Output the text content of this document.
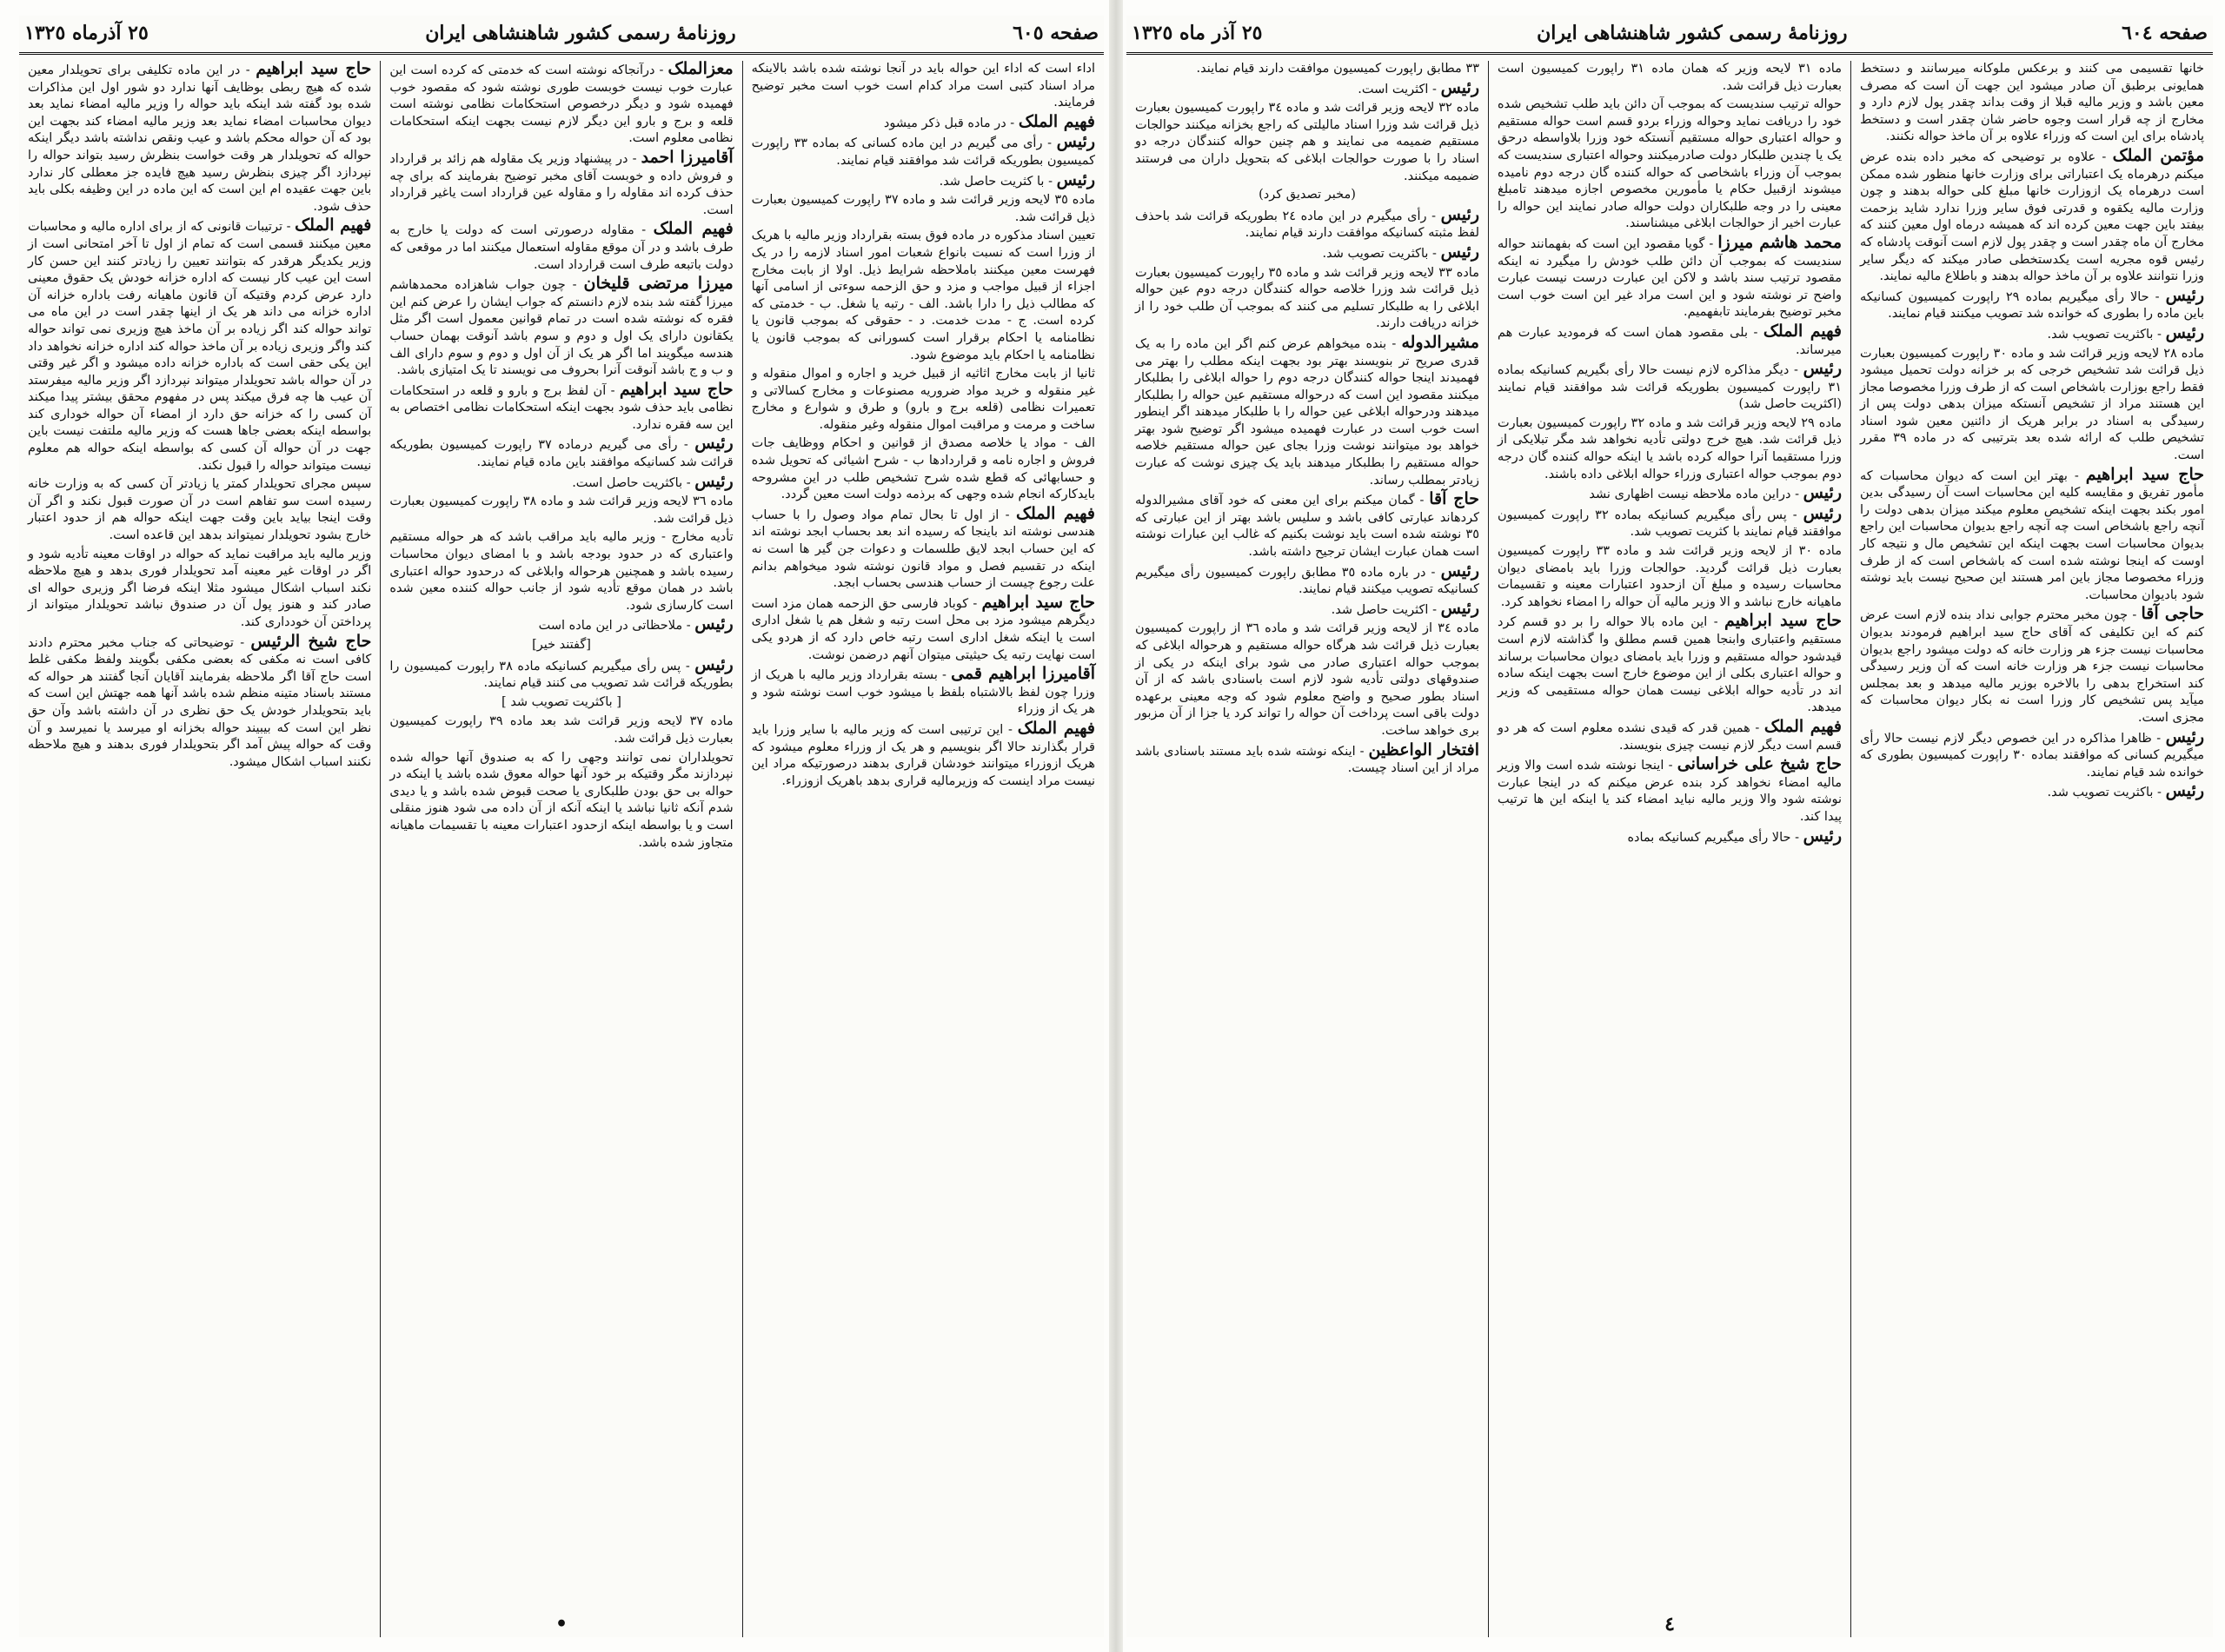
صفحه ٦٠٥
روزنامهٔ رسمی کشور شاهنشاهی ایران
٢٥ آذرماه ١٣٢٥
اداء است که اداء این حواله باید در آنجا نوشته شده باشد بالاینکه مراد اسناد کتبی است مراد کدام است خوب است مخبر توضیح فرمایند.
فهیم الملک - در ماده قبل ذکر میشود
رئیس - رأی می گیریم در این ماده کسانی که بماده ٣٣ راپورت کمیسیون بطوریکه قرائت شد موافقند قیام نمایند.
رئیس - با کثریت حاصل شد.
ماده ٣٥ لایحه وزیر قرائت شد و ماده ٣٧ راپورت کمیسیون بعبارت ذیل قرائت شد.
تعیین اسناد مذکوره در ماده فوق بسته بقرارداد وزیر مالیه با هریک از وزرا است که نسبت بانواع شعبات امور اسناد لازمه را در یک فهرست معین میکنند باملاحظه شرایط ذیل. اولا از بابت مخارج اجزاء از قبیل مواجب و مزد و حق الزحمه سوءتی از اسامی آنها که مطالب ذیل را دارا باشد. الف - رتبه یا شغل. ب - خدمتی که کرده است. ج - مدت خدمت. د - حقوقی که بموجب قانون یا نظامنامه یا احکام برقرار است کسورانی که بموجب قانون یا نظامنامه یا احکام باید موضوع شود.
ثانیا از بابت مخارج اثاثیه از قبیل خرید و اجاره و اموال منقوله و غیر منقوله و خرید مواد ضروریه مصنوعات و مخارج کسالاتی و تعمیرات نظامی (قلعه برج و بارو) و طرق و شوارع و مخارج ساخت و مرمت و مراقبت اموال منقوله وغیر منقوله.
الف - مواد یا خلاصه مصدق از قوانین و احکام ووظایف جات فروش و اجاره نامه و قراردادها ب - شرح اشیائی که تحویل شده و حسابهائی که قطع شده شرح تشخیص طلب در این مشروحه بایدکارکه انجام شده وجهی که برذمه دولت است معین گردد.
فهیم الملک - از اول تا بحال تمام مواد وصول را با حساب هندسی نوشته اند باینجا که رسیده اند بعد بحساب ابجد نوشته اند که این حساب ابجد لایق طلسمات و دعوات جن گیر ها است نه اینکه در تقسیم فصل و مواد قانون نوشته شود میخواهم بدانم علت رجوع چیست از حساب هندسی بحساب ابجد.
حاج سید ابراهیم - کوباد فارسی حق الزحمه همان مزد است دیگرهم میشود مزد بی محل است رتبه و شغل هم یا شغل اداری است یا اینکه شغل اداری است رتبه خاص دارد که از هردو یکی است نهایت رتبه یک حیثیتی میتوان آنهم درضمن نوشت.
آقامیرزا ابراهیم قمی - بسته بقرارداد وزیر مالیه با هریک از وزرا چون لفظ بالاشتباه بلفظ با میشود خوب است نوشته شود و هر یک از وزراء
فهیم الملک - این ترتیبی است که وزیر مالیه با سایر وزرا باید قرار بگذارند حالا اگر بنویسیم و هر یک از وزراء معلوم میشود که هریک ازوزراء میتوانند خودشان قراری بدهند درصورتیکه مراد این نیست مراد اینست که وزیرمالیه قراری بدهد باهریک ازوزراء.
معزالملک - درآنجاکه نوشته است که خدمتی که کرده است این عبارت خوب نیست خوبست طوری نوشته شود که مقصود خوب فهمیده شود و دیگر درخصوص استحکامات نظامی نوشته است قلعه و برج و بارو این دیگر لازم نیست بجهت اینکه استحکامات نظامی معلوم است.
آقامیرزا احمد - در پیشنهاد وزیر یک مقاوله هم زائد بر قرارداد و فروش داده و خوبست آقای مخبر توضیح بفرمایند که برای چه حذف کرده اند مقاوله را و مقاوله عین قرارداد است یاغیر قرارداد است.
فهیم الملک - مقاوله درصورتی است که دولت یا خارج به طرف باشد و در آن موقع مقاوله استعمال میکنند اما در موقعی که دولت باتبعه طرف است قرارداد است.
میرزا مرتضی قلیخان - چون جواب شاهزاده محمدهاشم میرزا گفته شد بنده لازم دانستم که جواب ایشان را عرض کنم این فقره که نوشته شده است در تمام قوانین معمول است اگر مثل یکقانون دارای یک اول و دوم و سوم باشد آنوقت بهمان حساب هندسه میگویند اما اگر هر یک از آن اول و دوم و سوم دارای الف و ب و ج باشد آنوقت آنرا بحروف می نویسند تا یک امتیازی باشد.
حاج سید ابراهیم - آن لفظ برج و بارو و قلعه در استحکامات نظامی باید حذف شود بجهت اینکه استحکامات نظامی اختصاص به این سه فقره ندارد.
رئیس - رأی می گیریم درماده ٣٧ راپورت کمیسیون بطوریکه قرائت شد کسانیکه موافقند باین ماده قیام نمایند.
رئیس - باکثریت حاصل است.
ماده ٣٦ لایحه وزیر قرائت شد و ماده ٣٨ راپورت کمیسیون بعبارت ذیل قرائت شد.
تأدیه مخارج - وزیر مالیه باید مراقب باشد که هر حواله مستقیم واعتباری که در حدود بودجه باشد و با امضای دیوان محاسبات رسیده باشد و همچنین هرحواله وابلاغی که درحدود حواله اعتباری باشد در همان موقع تأدیه شود از جانب حواله کننده معین شده است کارسازی شود.
رئیس - ملاحظاتی در این ماده است
[گفتند خیر]
رئیس - پس رأی میگیریم کسانیکه ماده ٣٨ راپورت کمیسیون را بطوریکه قرائت شد تصویب می کنند قیام نمایند.
[ باکثریت تصویب شد ]
ماده ٣٧ لایحه وزیر قرائت شد بعد ماده ٣٩ راپورت کمیسیون بعبارت ذیل قرائت شد.
تحویلداران نمی توانند وجهی را که به صندوق آنها حواله شده نپردازند مگر وقتیکه بر خود آنها حواله معوق شده باشد یا اینکه در حواله بی حق بودن طلبکاری یا صحت قبوض شده باشد و یا دیدی شدم آنکه ثانیا نباشد یا اینکه آنکه از آن داده می شود هنوز منقلی است و یا بواسطه اینکه ازحدود اعتبارات معینه با تقسیمات ماهیانه متجاوز شده باشد.
حاج سید ابراهیم - در این ماده تکلیفی برای تحویلدار معین شده که هیچ ربطی بوظایف آنها ندارد دو شور اول این مذاکرات شده بود گفته شد اینکه باید حواله را وزیر مالیه امضاء نماید بعد دیوان محاسبات امضاء نماید بعد وزیر مالیه امضاء کند بجهت این بود که آن حواله محکم باشد و عیب ونقص نداشته باشد دیگر اینکه حواله که تحویلدار هر وقت خواست بنظرش رسید بتواند حواله را نپردازد اگر چیزی بنظرش رسید هیچ فایده جز معطلی کار ندارد باین جهت عقیده ام این است که این ماده در این وظیفه بکلی باید حذف شود.
فهیم الملک - ترتیبات قانونی که از برای اداره مالیه و محاسبات معین میکنند قسمی است که تمام از اول تا آخر امتحانی است از وزیر یکدیگر هرقدر که بتوانند تعیین را زیادتر کنند این حسن کار است این عیب کار نیست که اداره خزانه خودش یک حقوق معینی دارد عرض کردم وقتیکه آن قانون ماهیانه رفت باداره خزانه آن اداره خزانه می داند هر یک از اینها چقدر است در این ماه می تواند حواله کند اگر زیاده بر آن ماخذ هیچ وزیری نمی تواند حواله کند واگر وزیری زیاده بر آن ماخذ حواله کند اداره خزانه نخواهد داد این یکی حقی است که باداره خزانه داده میشود و اگر غیر وقتی در آن حواله باشد تحویلدار میتواند نپردازد اگر وزیر مالیه میفرستد آن عیب ها چه فرق میکند پس در مفهوم محقق بیشتر پیدا میکند آن کسی را که خزانه حق دارد از امضاء آن حواله خوداری کند بواسطه اینکه بعضی جاها هست که وزیر مالیه ملتفت نیست باین جهت در آن حواله آن کسی که بواسطه اینکه حواله هم معلوم نیست میتواند حواله را قبول نکند.
سپس مجرای تحویلدار کمتر یا زیادتر آن کسی که به وزارت خانه رسیده است سو تفاهم است در آن صورت قبول نکند و اگر آن وقت اینجا بیاید باین وقت جهت اینکه حواله هم از حدود اعتبار خارج بشود تحویلدار نمیتواند بدهد این قاعده است.
وزیر مالیه باید مراقبت نماید که حواله در اوقات معینه تأدیه شود و اگر در اوقات غیر معینه آمد تحویلدار فوری بدهد و هیچ ملاحظه نکند اسباب اشکال میشود مثلا اینکه فرضا اگر وزیری حواله ای صادر کند و هنوز پول آن در صندوق نباشد تحویلدار میتواند از پرداختن آن خودداری کند.
حاج شیخ الرئیس - توضیحاتی که جناب مخبر محترم دادند کافی است نه مکفی که بعضی مکفی بگویند ولفظ مکفی غلط است حاج آقا اگر ملاحظه بفرمایند آقایان آنجا گفتند هر حواله که مستند باسناد متینه منظم شده باشد آنها همه جهتش این است که باید بتحویلدار خودش یک حق نظری در آن داشته باشد وآن حق نظر این است که بیبیند حواله بخزانه او میرسد یا نمیرسد و آن وقت که حواله پیش آمد اگر بتحویلدار فوری بدهند و هیچ ملاحظه نکنند اسباب اشکال میشود.
•
صفحه ٦٠٤
روزنامهٔ رسمی کشور شاهنشاهی ایران
٢٥ آذر ماه ١٣٢٥
خانها تقسیمی می کنند و برعکس ملوکانه میرسانند و دستخط همایونی برطبق آن صادر میشود این جهت آن است که مصرف معین باشد و وزیر مالیه قبلا از وقت بداند چقدر پول لازم دارد و مخارج از چه قرار است وجوه حاضر شان چقدر است و دستخط پادشاه برای این است که وزراء علاوه بر آن ماخذ حواله نکنند.
مؤتمن الملک - علاوه بر توضیحی که مخبر داده بنده عرض میکنم درهرماه یک اعتباراتی برای وزارت خانها منظور شده ممکن است درهرماه یک ازوزارت خانها مبلغ کلی حواله بدهند و چون وزارت مالیه یکقوه و قدرتی فوق سایر وزرا ندارد شاید بزحمت بیفتد باین جهت معین کرده اند که همیشه درماه اول معین کنند که مخارج آن ماه چقدر است و چقدر پول لازم است آنوقت پادشاه که رئیس قوه مجریه است یکدستخطی صادر میکند که دیگر سایر وزرا نتوانند علاوه بر آن ماخذ حواله بدهند و باطلاع مالیه نمایند.
رئیس - حالا رأی میگیریم بماده ٢٩ راپورت کمیسیون کسانیکه باین ماده را بطوری که خوانده شد تصویب میکنند قیام نمایند.
رئیس - باکثریت تصویب شد.
ماده ٢٨ لایحه وزیر قرائت شد و ماده ٣٠ راپورت کمیسیون بعبارت ذیل قرائت شد تشخیص خرجی که بر خزانه دولت تحمیل میشود فقط راجع بوزارت باشخاص است که از طرف وزرا مخصوصا مجاز این هستند مراد از تشخیص آنستکه میزان بدهی دولت پس از رسیدگی به اسناد در برابر هریک از دائنین معین شود اسناد تشخیص طلب که ارائه شده بعد بترتیبی که در ماده ٣٩ مقرر است.
حاج سید ابراهیم - بهتر این است که دیوان محاسبات که مأمور تفریق و مقایسه کلیه این محاسبات است آن رسیدگی بدین امور بکند بجهت اینکه تشخیص معلوم میکند میزان بدهی دولت را آنچه راجع باشخاص است چه آنچه راجع بدیوان محاسبات این راجع بدیوان محاسبات است بجهت اینکه این تشخیص مال و نتیجه کار اوست که اینجا نوشته شده است که باشخاص است که از طرف وزراء مخصوصا مجاز باین امر هستند این صحیح نیست باید نوشته شود بادیوان محاسبات.
حاجی آقا - چون مخبر محترم جوابی نداد بنده لازم است عرض کنم که این تکلیفی که آقای حاج سید ابراهیم فرمودند بدیوان محاسبات نیست جزء هر وزارت خانه که دولت میشود راجع بدیوان محاسبات نیست جزء هر وزارت خانه است که آن وزیر رسیدگی کند استخراج بدهی را بالاخره بوزیر مالیه میدهد و بعد بمجلس میآید پس تشخیص کار وزرا است نه بکار دیوان محاسبات که مجزی است.
رئیس - ظاهرا مذاکره در این خصوص دیگر لازم نیست حالا رأی میگیریم کسانی که موافقند بماده ٣٠ راپورت کمیسیون بطوری که خوانده شد قیام نمایند.
رئیس - باکثریت تصویب شد.
ماده ٣١ لایحه وزیر که همان ماده ٣١ راپورت کمیسیون است بعبارت ذیل قرائت شد.
حواله ترتیب سندیست که بموجب آن دائن باید طلب تشخیص شده خود را دریافت نماید وحواله وزراء بردو قسم است حواله مستقیم و حواله اعتباری حواله مستقیم آنستکه خود وزرا بلاواسطه درحق یک یا چندین طلبکار دولت صادرمیکنند وحواله اعتباری سندیست که بموجب آن وزراء باشخاصی که حواله کننده گان درجه دوم نامیده میشوند ازقبیل حکام یا مأمورین مخصوص اجازه میدهند تامبلغ معینی را در وجه طلبکاران دولت حواله صادر نمایند این حواله را عبارت اخیر از حوالجات ابلاغی میشناسند.
محمد هاشم میرزا - گویا مقصود این است که بفهمانند حواله سندیست که بموجب آن دائن طلب خودش را میگیرد نه اینکه مقصود ترتیب سند باشد و لاکن این عبارت درست نیست عبارت واضح تر نوشته شود و این است مراد غیر این است خوب است مخبر توضیح بفرمایند تابفهمیم.
فهیم الملک - بلی مقصود همان است که فرمودید عبارت هم میرساند.
رئیس - دیگر مذاکره لازم نیست حالا رأی بگیریم کسانیکه بماده ٣١ راپورت کمیسیون بطوریکه قرائت شد موافقند قیام نمایند (اکثریت حاصل شد)
ماده ٢٩ لایحه وزیر قرائت شد و ماده ٣٢ راپورت کمیسیون بعبارت ذیل قرائت شد. هیچ خرج دولتی تأدیه نخواهد شد مگر تبلایکی از وزرا مستقیما آنرا حواله کرده باشد یا اینکه حواله کننده گان درجه دوم بموجب حواله اعتباری وزراء حواله ابلاغی داده باشند.
رئیس - دراین ماده ملاحظه نیست اظهاری نشد
رئیس - پس رأی میگیریم کسانیکه بماده ٣٢ راپورت کمیسیون موافقند قیام نمایند با کثریت تصویب شد.
ماده ٣٠ از لایحه وزیر قرائت شد و ماده ٣٣ راپورت کمیسیون بعبارت ذیل قرائت گردید. حوالجات وزرا باید بامضای دیوان محاسبات رسیده و مبلغ آن ازحدود اعتبارات معینه و تقسیمات ماهیانه خارج نباشد و الا وزیر مالیه آن حواله را امضاء نخواهد کرد.
حاج سید ابراهیم - این ماده بالا حواله را بر دو قسم کرد مستقیم واعتباری وابنجا همین قسم مطلق وا گذاشته لازم است قیدشود حواله مستقیم و وزرا باید بامضای دیوان محاسبات برساند و حواله اعتباری بکلی از این موضوع خارج است بجهت اینکه ساده اند در تأدیه حواله ابلاغی نیست همان حواله مستقیمی که وزیر میدهد.
فهیم الملک - همین قدر که قیدی نشده معلوم است که هر دو قسم است دیگر لازم نیست چیزی بنویسند.
حاج شیخ علی خراسانی - اینجا نوشته شده است والا وزیر مالیه امضاء نخواهد کرد بنده عرض میکنم که در اینجا عبارت نوشته شود والا وزیر مالیه نباید امضاء کند یا اینکه این ها ترتیب پیدا کند.
رئیس - حالا رأی میگیریم کسانیکه بماده
٣٣ مطابق راپورت کمیسیون موافقت دارند قیام نمایند.
رئیس - اکثریت است.
ماده ٣٢ لایحه وزیر قرائت شد و ماده ٣٤ راپورت کمیسیون بعبارت ذیل قرائت شد وزرا اسناد ماليلتی که راجع بخزانه میکنند حوالجات مستقیم ضمیمه می نمایند و هم چنین حواله کنندگان درجه دو اسناد را با صورت حوالجات ابلاغی که بتحویل داران می فرستند ضمیمه میکنند.
(مخبر تصدیق کرد)
رئیس - رأی میگیرم در این ماده ٢٤ بطوریکه قرائت شد باحذف لفظ مثبته کسانیکه موافقت دارند قیام نمایند.
رئیس - باکثریت تصویب شد.
ماده ٣٣ لایحه وزیر قرائت شد و ماده ٣٥ راپورت کمیسیون بعبارت ذیل قرائت شد وزرا خلاصه حواله کنندگان درجه دوم عین حواله ابلاغی را به طلبکار تسلیم می کنند که بموجب آن طلب خود را از خزانه دریافت دارند.
مشیرالدوله - بنده میخواهم عرض کنم اگر این ماده را به یک قدری صریح تر بنویسند بهتر بود بجهت اینکه مطلب را بهتر می فهمیدند اینجا حواله کنندگان درجه دوم را حواله ابلاغی را بطلبکار میکنند مقصود این است که درحواله مستقیم عین حواله را بطلبکار میدهند ودرحواله ابلاغی عین حواله را با طلبکار میدهند اگر اینطور است خوب است در عبارت فهمیده میشود اگر توضیح شود بهتر خواهد بود میتوانند نوشت وزرا بجای عین حواله مستقیم خلاصه حواله مستقیم را بطلبکار میدهند باید یک چیزی نوشت که عبارت زیادتر بمطلب رساند.
حاج آقا - گمان میکنم برای این معنی که خود آقای مشیرالدوله کردهاند عبارتی کافی باشد و سلیس باشد بهتر از این عبارتی که ٣٥ نوشته شده است باید نوشت بکنیم که غالب این عبارات نوشته است همان عبارت ایشان ترجیح داشته باشد.
رئیس - در باره ماده ٣٥ مطابق راپورت کمیسیون رأی میگیریم کسانیکه تصویب میکنند قیام نمایند.
رئیس - اکثریت حاصل شد.
ماده ٣٤ از لایحه وزیر قرائت شد و ماده ٣٦ از راپورت کمیسیون بعبارت ذیل قرائت شد هرگاه حواله مستقیم و هرحواله ابلاغی که بموجب حواله اعتباری صادر می شود برای اینکه در یکی از صندوقهای دولتی تأدیه شود لازم است باسنادی باشد که از آن اسناد بطور صحیح و واضح معلوم شود که وجه معینی برعهده دولت باقی است پرداخت آن حواله را تواند کرد یا جزا از آن مزبور بری خواهد ساخت.
افتخار الواعظین - اینکه نوشته شده باید مستند باسنادی باشد مراد از این اسناد چیست.
٤
